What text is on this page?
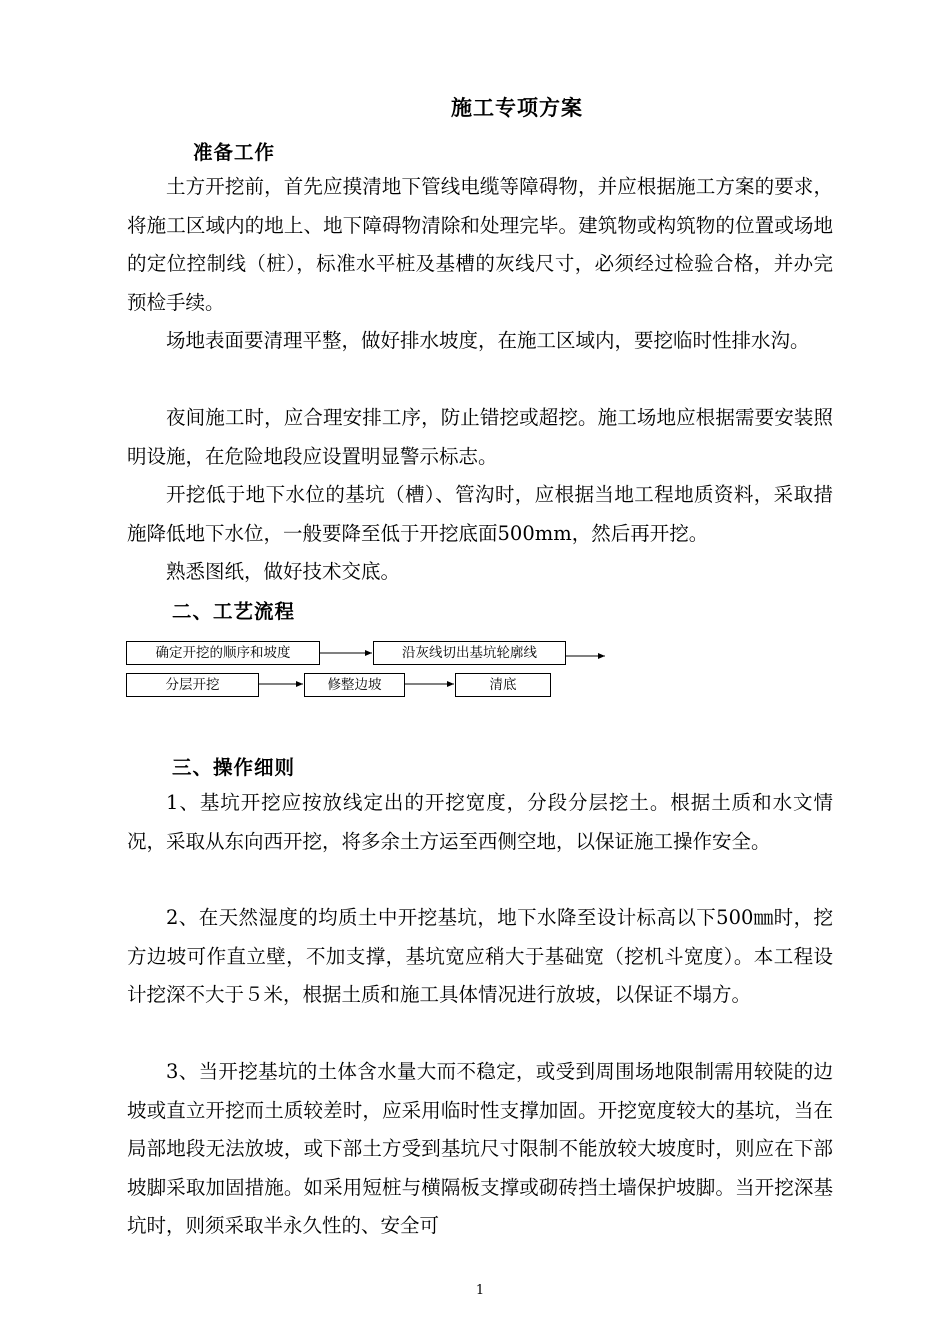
施工专项方案
准备工作

土方开挖前，首先应摸清地下管线电缆等障碍物，并应根据施工方案的要求，将施工区域内的地上、地下障碍物清除和处理完毕。建筑物或构筑物的位置或场地的定位控制线（桩），标准水平桩及基槽的灰线尺寸，必须经过检验合格，并办完预检手续。

场地表面要清理平整，做好排水坡度，在施工区域内，要挖临时性排水沟。

夜间施工时，应合理安排工序，防止错挖或超挖。施工场地应根据需要安装照明设施，在危险地段应设置明显警示标志。

开挖低于地下水位的基坑（槽）、管沟时，应根据当地工程地质资料，采取措施降低地下水位，一般要降至低于开挖底面500mm，然后再开挖。

熟悉图纸，做好技术交底。

二、工艺流程
确定开挖的顺序和坡度	沿灰线切出基坑轮廓线
分层开挖	修整边坡	清底
三、操作细则

1、基坑开挖应按放线定出的开挖宽度，分段分层挖土。根据土质和水文情况，采取从东向西开挖，将多余土方运至西侧空地，以保证施工操作安全。

2、在天然湿度的均质土中开挖基坑，地下水降至设计标高以下500㎜时，挖方边坡可作直立壁，不加支撑，基坑宽应稍大于基础宽（挖机斗宽度）。本工程设计挖深不大于５米，根据土质和施工具体情况进行放坡，以保证不塌方。

3、当开挖基坑的土体含水量大而不稳定，或受到周围场地限制需用较陡的边坡或直立开挖而土质较差时，应采用临时性支撑加固。开挖宽度较大的基坑，当在局部地段无法放坡，或下部土方受到基坑尺寸限制不能放较大坡度时，则应在下部坡脚采取加固措施。如采用短桩与横隔板支撑或砌砖挡土墙保护坡脚。当开挖深基坑时，则须采取半永久性的、安全可

1
